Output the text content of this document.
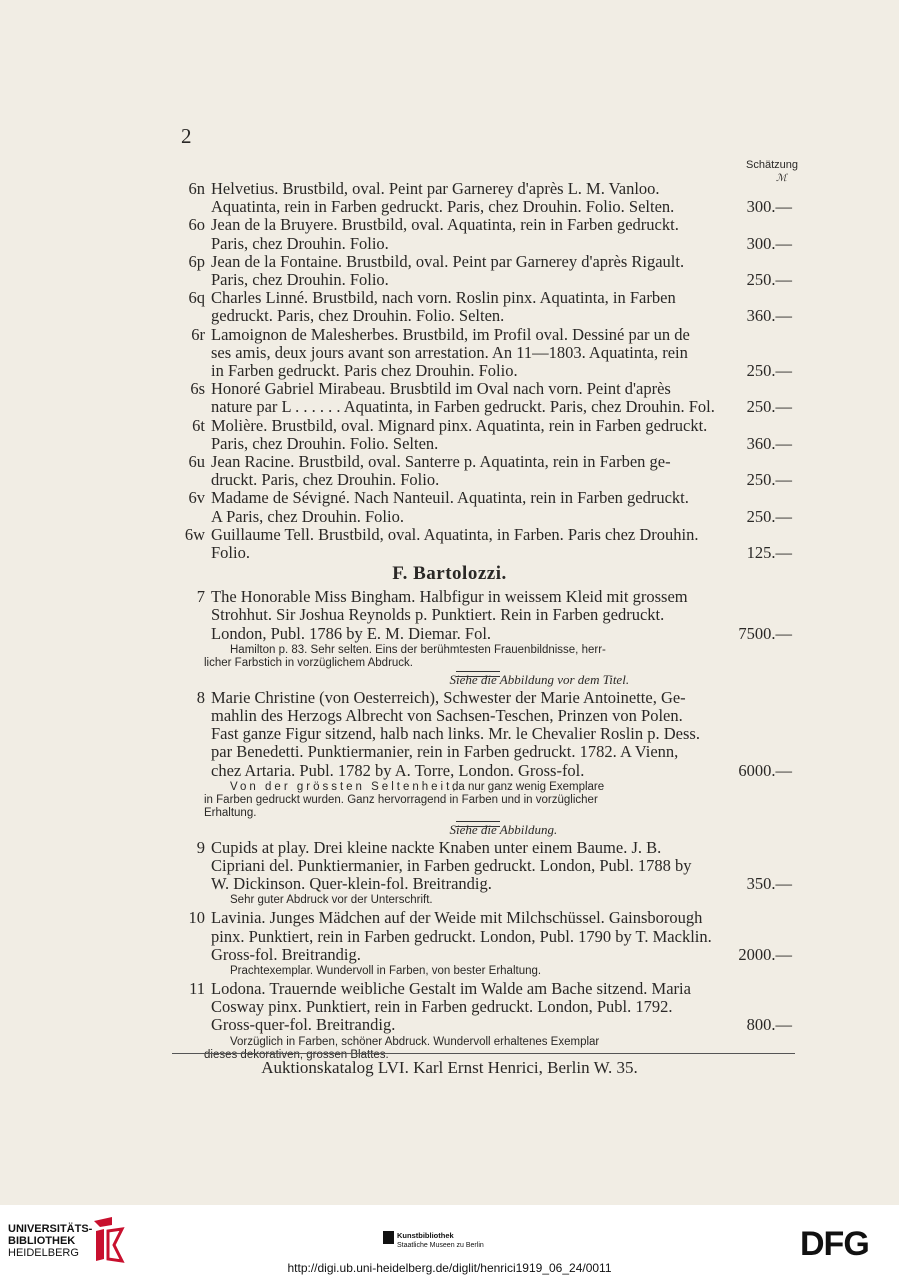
2
Schätzung
ℳ
6n Helvetius. Brustbild, oval. Peint par Garnerey d'après L. M. Vanloo.
Aquatinta, rein in Farben gedruckt. Paris, chez Drouhin. Folio. Selten.	300.—
6o Jean de la Bruyere. Brustbild, oval. Aquatinta, rein in Farben gedruckt.
Paris, chez Drouhin. Folio.	300.—
6p Jean de la Fontaine. Brustbild, oval. Peint par Garnerey d'après Rigault.
Paris, chez Drouhin. Folio.	250.—
6q Charles Linné. Brustbild, nach vorn. Roslin pinx. Aquatinta, in Farben
gedruckt. Paris, chez Drouhin. Folio. Selten.	360.—
6r Lamoignon de Malesherbes. Brustbild, im Profil oval. Dessiné par un de
ses amis, deux jours avant son arrestation. An 11—1803. Aquatinta, rein
in Farben gedruckt. Paris chez Drouhin. Folio.	250.—
6s Honoré Gabriel Mirabeau. Brusbtild im Oval nach vorn. Peint d'après
nature par L . . . . . . Aquatinta, in Farben gedruckt. Paris, chez Drouhin. Fol.	250.—
6t Molière. Brustbild, oval. Mignard pinx. Aquatinta, rein in Farben gedruckt.
Paris, chez Drouhin. Folio. Selten.	360.—
6u Jean Racine. Brustbild, oval. Santerre p. Aquatinta, rein in Farben ge-
druckt. Paris, chez Drouhin. Folio.	250.—
6v Madame de Sévigné. Nach Nanteuil. Aquatinta, rein in Farben gedruckt.
A Paris, chez Drouhin. Folio.	250.—
6w Guillaume Tell. Brustbild, oval. Aquatinta, in Farben. Paris chez Drouhin.
Folio.	125.—
F. Bartolozzi.
7 The Honorable Miss Bingham. Halbfigur in weissem Kleid mit grossem
Strohhut. Sir Joshua Reynolds p. Punktiert. Rein in Farben gedruckt.
London, Publ. 1786 by E. M. Diemar. Fol.	7500.—
Hamilton p. 83. Sehr selten. Eins der berühmtesten Frauenbildnisse, herr-
licher Farbstich in vorzüglichem Abdruck.
Siehe die Abbildung vor dem Titel.
8 Marie Christine (von Oesterreich), Schwester der Marie Antoinette, Ge-
mahlin des Herzogs Albrecht von Sachsen-Teschen, Prinzen von Polen.
Fast ganze Figur sitzend, halb nach links. Mr. le Chevalier Roslin p. Dess.
par Benedetti. Punktiermanier, rein in Farben gedruckt. 1782. A Vienn,
chez Artaria. Publ. 1782 by A. Torre, London. Gross-fol.	6000.—
Von der grössten Seltenheit,
da nur ganz wenig Exemplare
in Farben gedruckt wurden. Ganz hervorragend in Farben und in vorzüglicher
Erhaltung.
Siehe die Abbildung.
9 Cupids at play. Drei kleine nackte Knaben unter einem Baume. J. B.
Cipriani del. Punktiermanier, in Farben gedruckt. London, Publ. 1788 by
W. Dickinson. Quer-klein-fol. Breitrandig.	350.—
Sehr guter Abdruck vor der Unterschrift.
10 Lavinia. Junges Mädchen auf der Weide mit Milchschüssel. Gainsborough
pinx. Punktiert, rein in Farben gedruckt. London, Publ. 1790 by T. Macklin.
Gross-fol. Breitrandig.	2000.—
Prachtexemplar. Wundervoll in Farben, von bester Erhaltung.
11 Lodona. Trauernde weibliche Gestalt im Walde am Bache sitzend. Maria
Cosway pinx. Punktiert, rein in Farben gedruckt. London, Publ. 1792.
Gross-quer-fol. Breitrandig.	800.—
Vorzüglich in Farben, schöner Abdruck. Wundervoll erhaltenes Exemplar
dieses dekorativen, grossen Blattes.
Auktionskatalog LVI. Karl Ernst Henrici, Berlin W. 35.
UNIVERSITÄTS-
BIBLIOTHEK
HEIDELBERG
Kunstbibliothek
Staatliche Museen zu Berlin	DFG
http://digi.ub.uni-heidelberg.de/diglit/henrici1919_06_24/0011
